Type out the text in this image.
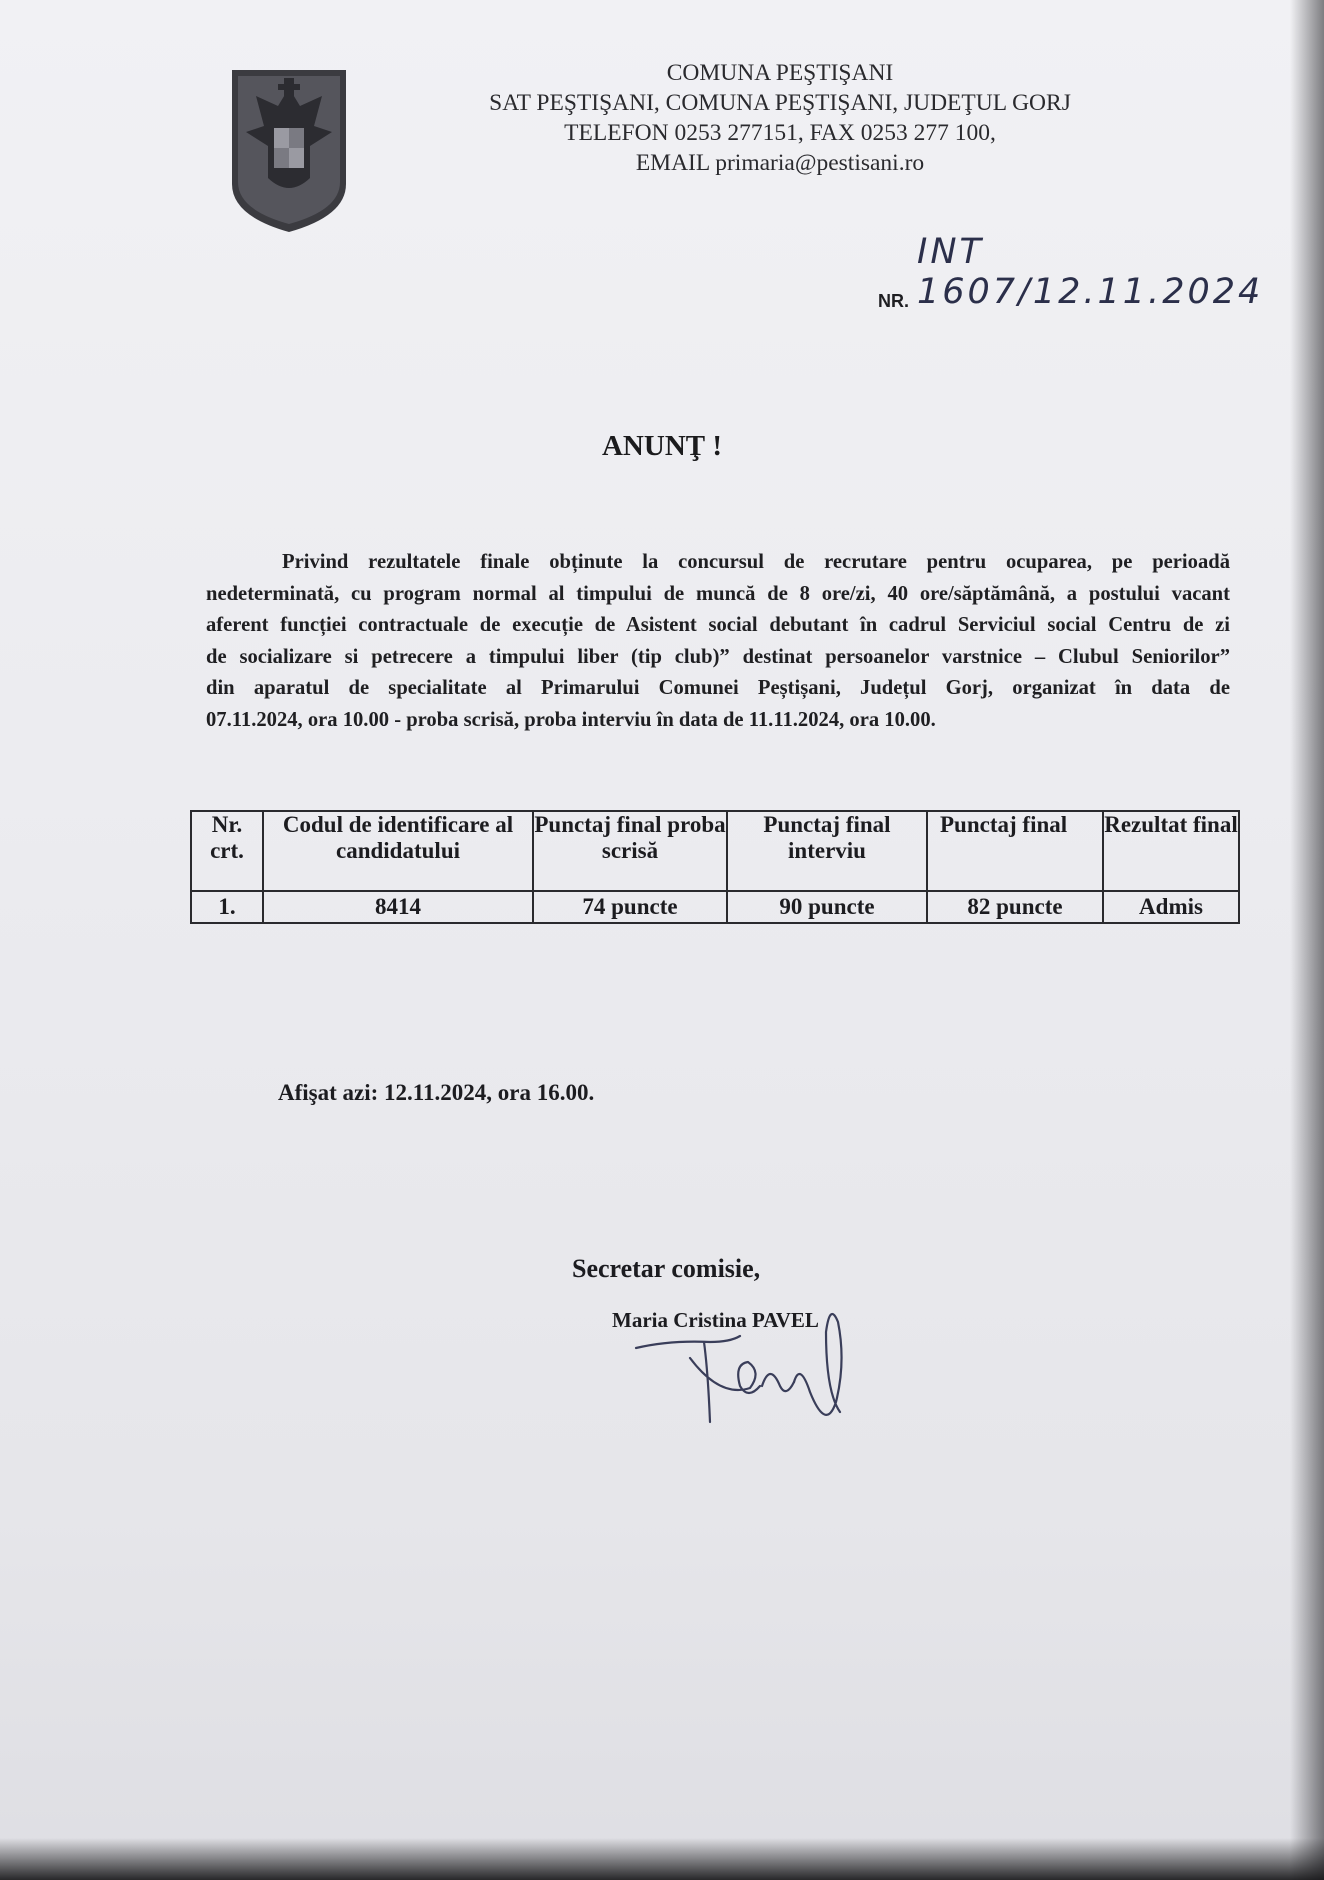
COMUNA PEŞTIŞANI
SAT PEŞTIŞANI, COMUNA PEŞTIŞANI, JUDEŢUL GORJ
TELEFON 0253 277151, FAX 0253 277 100,
EMAIL primaria@pestisani.ro
NR.
INT 1607/12.11.2024
ANUNŢ !
Privind rezultatele finale obținute la concursul de recrutare pentru ocuparea, pe perioadă
nedeterminată, cu program normal al timpului de muncă de 8 ore/zi, 40 ore/săptămână, a postului vacant
aferent funcției contractuale de execuție de Asistent social debutant în cadrul Serviciul social Centru de zi
de socializare si petrecere a timpului liber (tip club)” destinat persoanelor varstnice – Clubul Seniorilor”
din aparatul de specialitate al Primarului Comunei Peștișani, Județul Gorj, organizat în data de
07.11.2024, ora 10.00 - proba scrisă, proba interviu în data de 11.11.2024, ora 10.00.
Nr. crt.	Codul de identificare al candidatului	Punctaj final proba scrisă	Punctaj final interviu	Punctaj final	Rezultat final
1.	8414	74 puncte	90 puncte	82 puncte	Admis
Afişat azi: 12.11.2024, ora 16.00.
Secretar comisie,
Maria Cristina PAVEL
